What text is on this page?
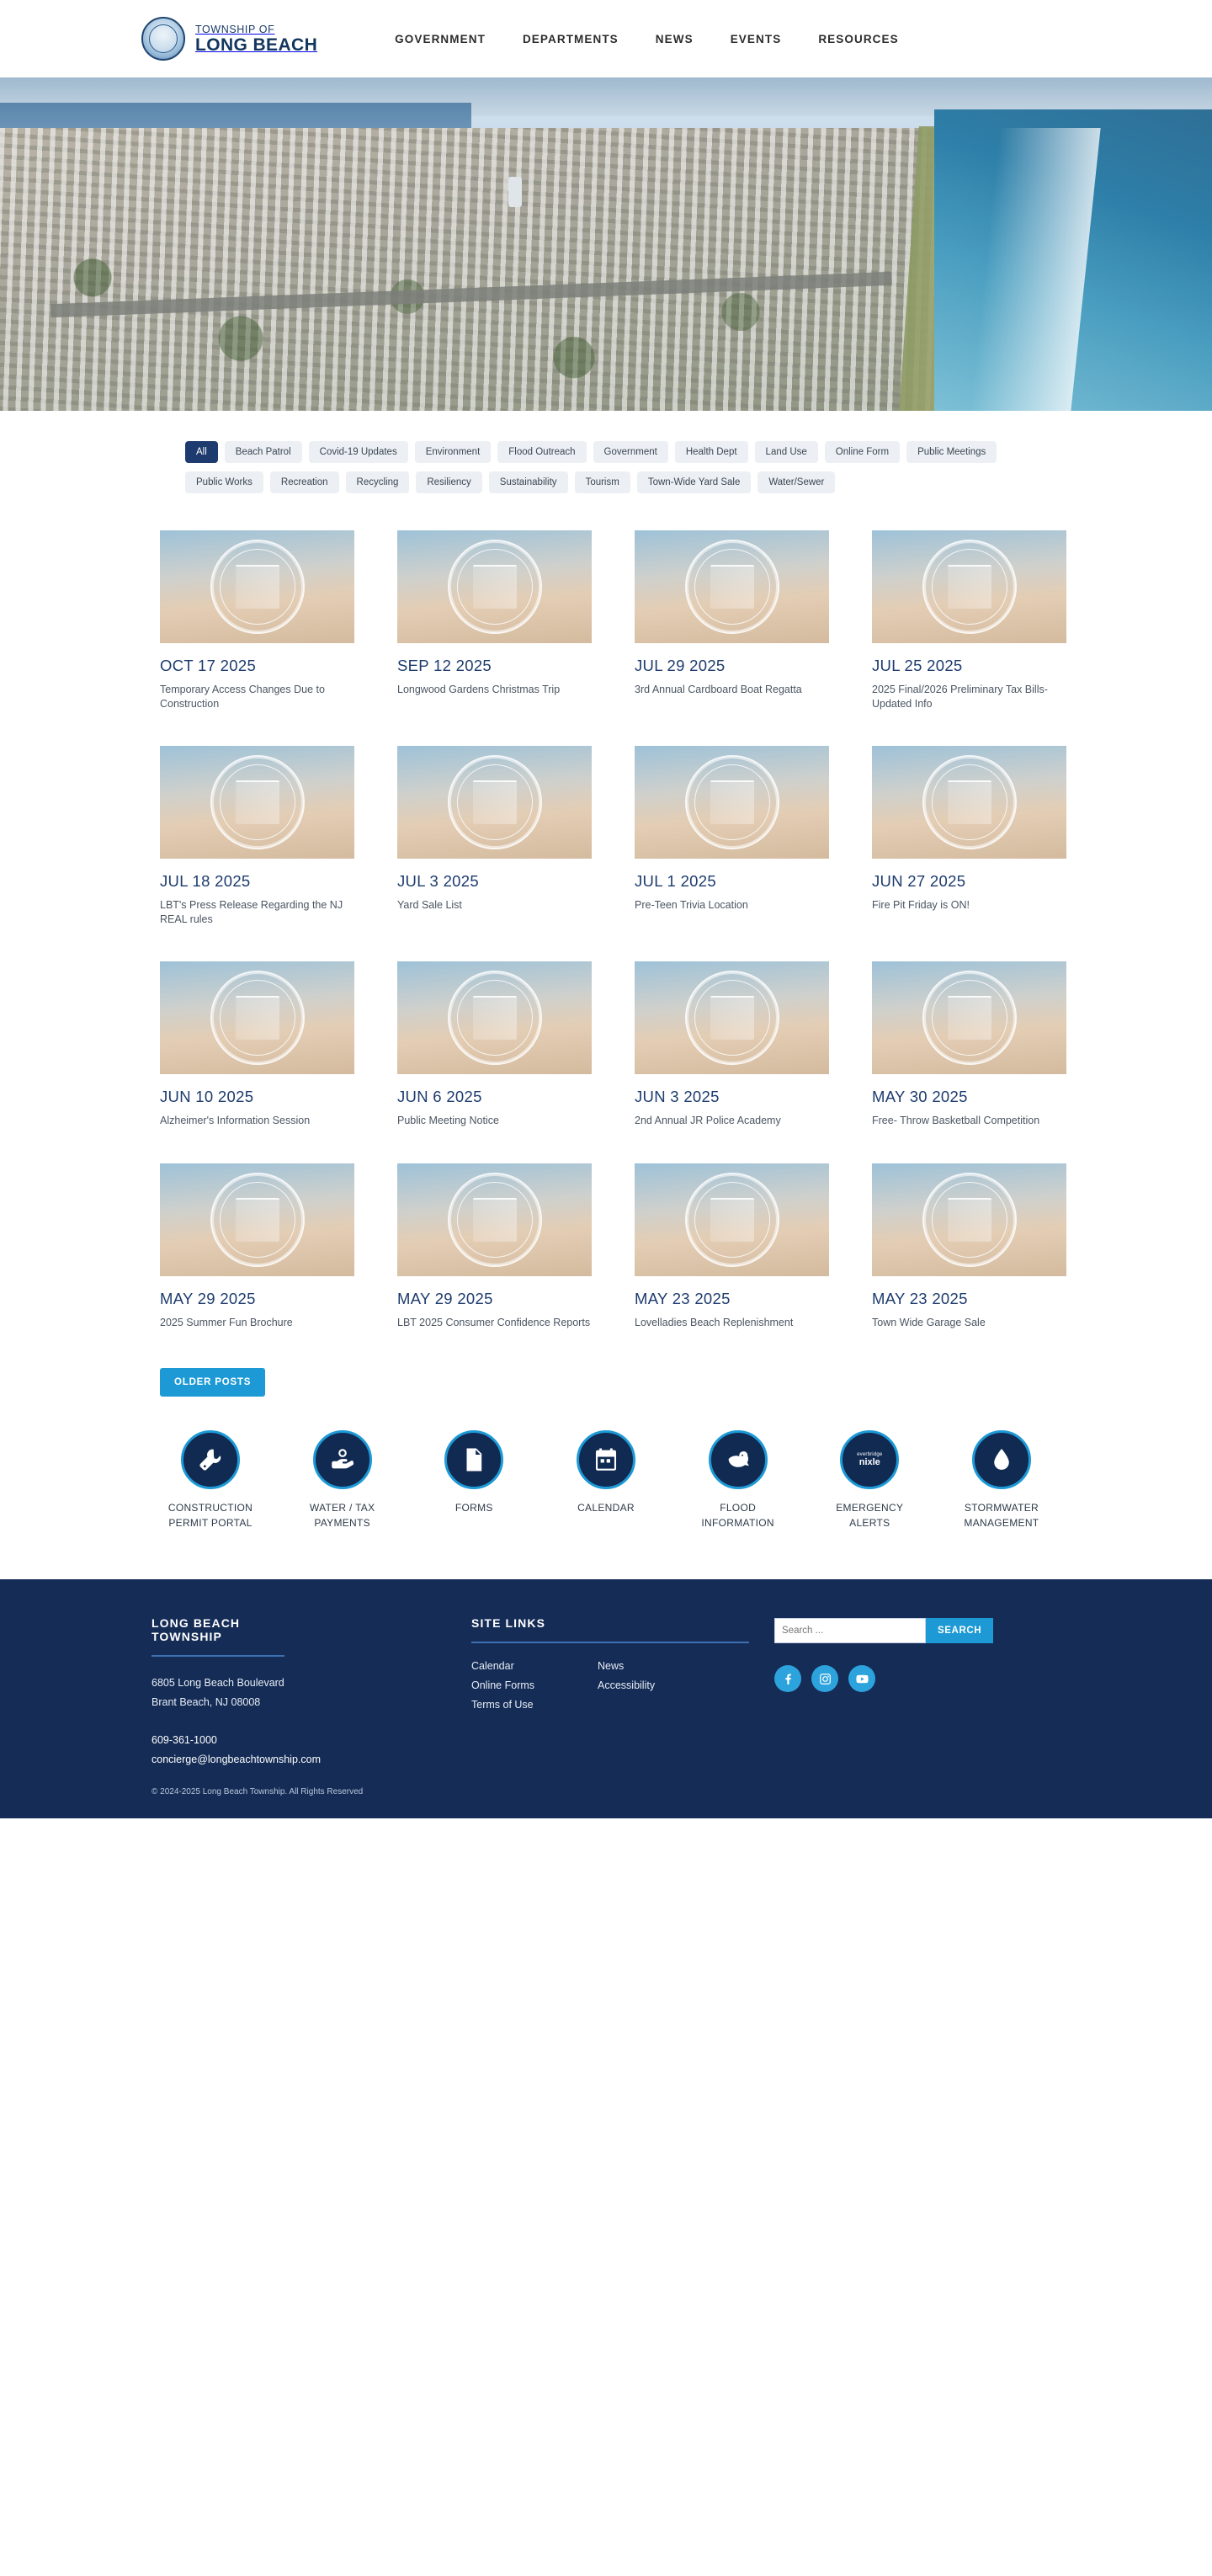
TOWNSHIP OF
LONG BEACH	GOVERNMENT	DEPARTMENTS	NEWS	EVENTS	RESOURCES
All	Beach Patrol	Covid-19 Updates	Environment	Flood Outreach	Government	Health Dept	Land Use	Online Form	Public Meetings
Public Works	Recreation	Recycling	Resiliency	Sustainability	Tourism	Town-Wide Yard Sale	Water/Sewer
OCT 17 2025
Temporary Access Changes Due to Construction
SEP 12 2025
Longwood Gardens Christmas Trip
JUL 29 2025
3rd Annual Cardboard Boat Regatta
JUL 25 2025
2025 Final/2026 Preliminary Tax Bills-Updated Info
JUL 18 2025
LBT's Press Release Regarding the NJ REAL rules
JUL 3 2025
Yard Sale List
JUL 1 2025
Pre-Teen Trivia Location
JUN 27 2025
Fire Pit Friday is ON!
JUN 10 2025
Alzheimer's Information Session
JUN 6 2025
Public Meeting Notice
JUN 3 2025
2nd Annual JR Police Academy
MAY 30 2025
Free- Throw Basketball Competition
MAY 29 2025
2025 Summer Fun Brochure
MAY 29 2025
LBT 2025 Consumer Confidence Reports
MAY 23 2025
Lovelladies Beach Replenishment
MAY 23 2025
Town Wide Garage Sale
OLDER POSTS
CONSTRUCTION PERMIT PORTAL
WATER / TAX PAYMENTS
FORMS	CALENDAR	FLOOD INFORMATION
everbridge
nixle
EMERGENCY ALERTS
STORMWATER MANAGEMENT
LONG BEACH TOWNSHIP
6805 Long Beach Boulevard
Brant Beach, NJ 08008
609-361-1000
concierge@longbeachtownship.com
© 2024-2025 Long Beach Township. All Rights Reserved
SITE LINKS
Calendar	News
Online Forms	Accessibility
Terms of Use
Search ...
SEARCH
